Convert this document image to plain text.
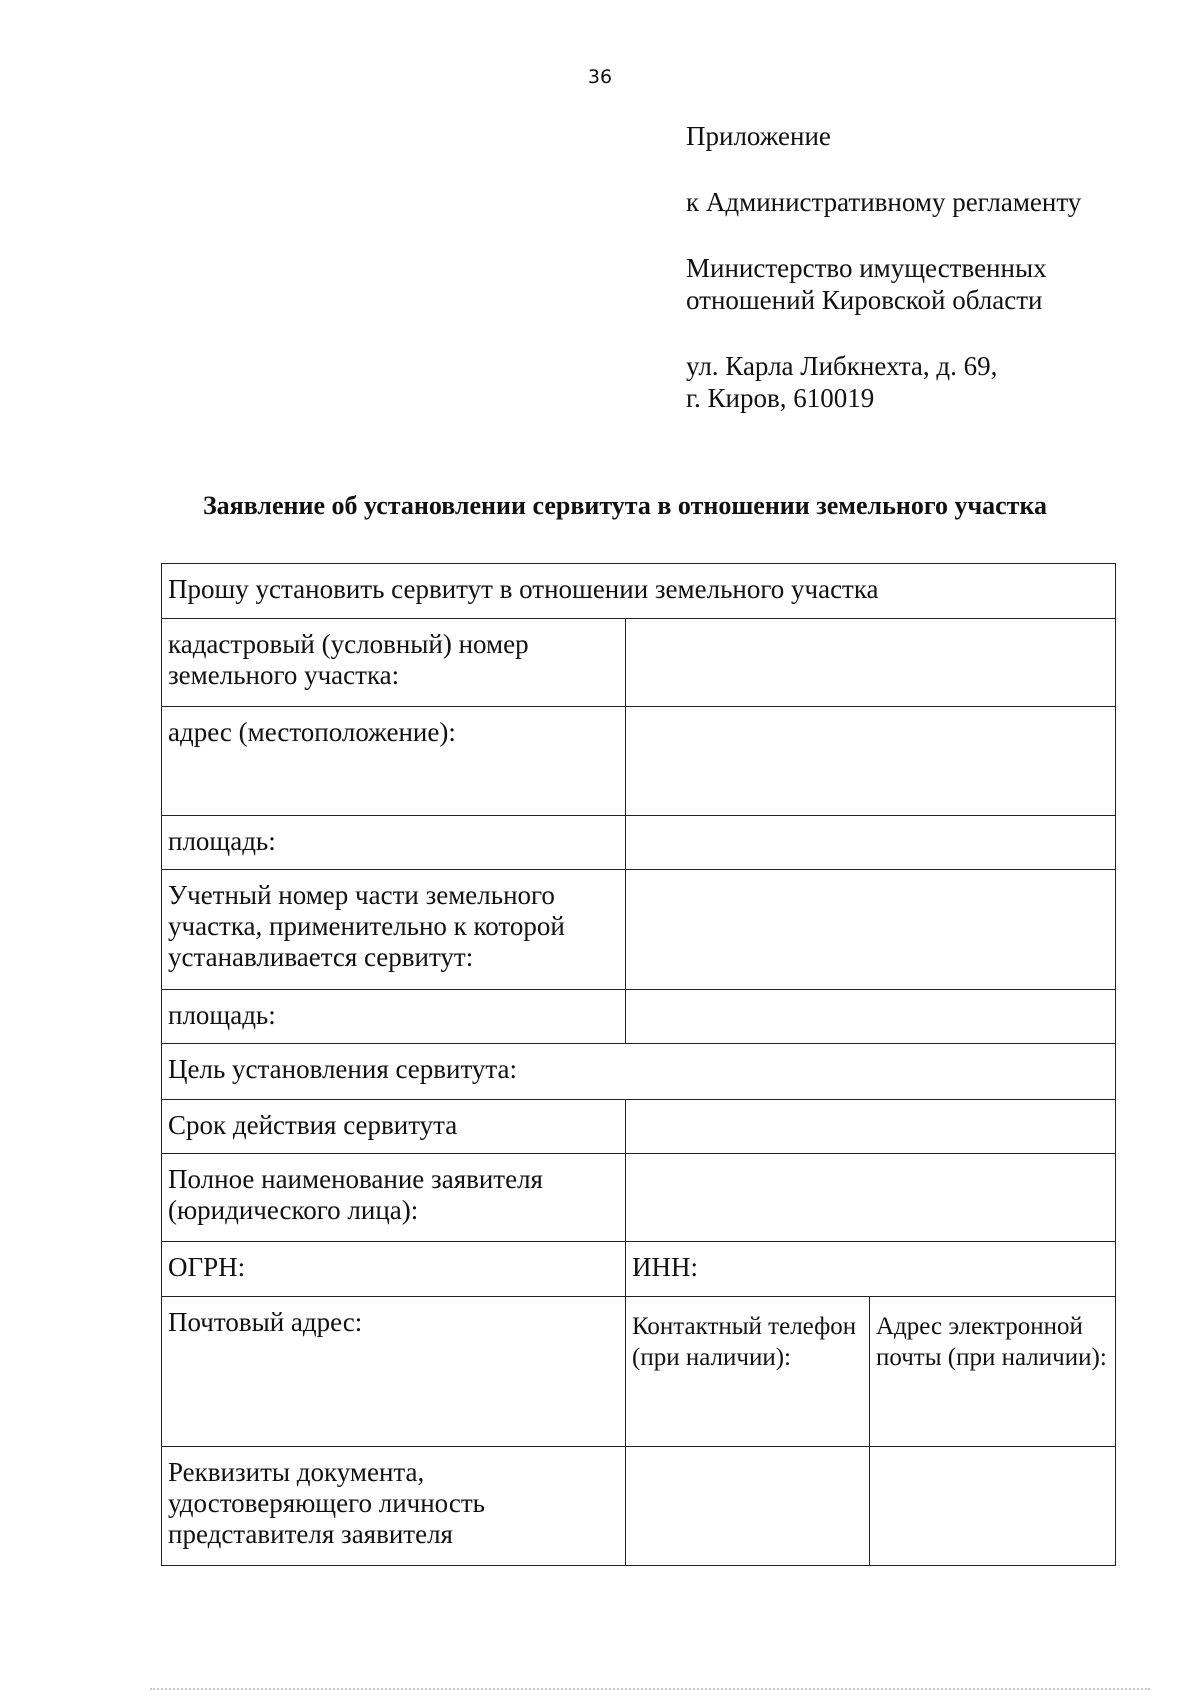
36
Приложение
к Административному регламенту
Министерство имущественных
отношений Кировской области
ул. Карла Либкнехта, д. 69,
г. Киров, 610019
Заявление об установлении сервитута в отношении земельного участка
Прошу установить сервитут в отношении земельного участка		
кадастровый (условный) номер земельного участка:		
адрес (местоположение):		
площадь:		
Учетный номер части земельного участка, применительно к которой устанавливается сервитут:		
площадь:		
Цель установления сервитута:		
Срок действия сервитута		
Полное наименование заявителя (юридического лица):		
ОГРН:	ИНН:	
Почтовый адрес:	Контактный телефон (при наличии):	Адрес электронной почты (при наличии):
Реквизиты документа, удостоверяющего личность представителя заявителя		
